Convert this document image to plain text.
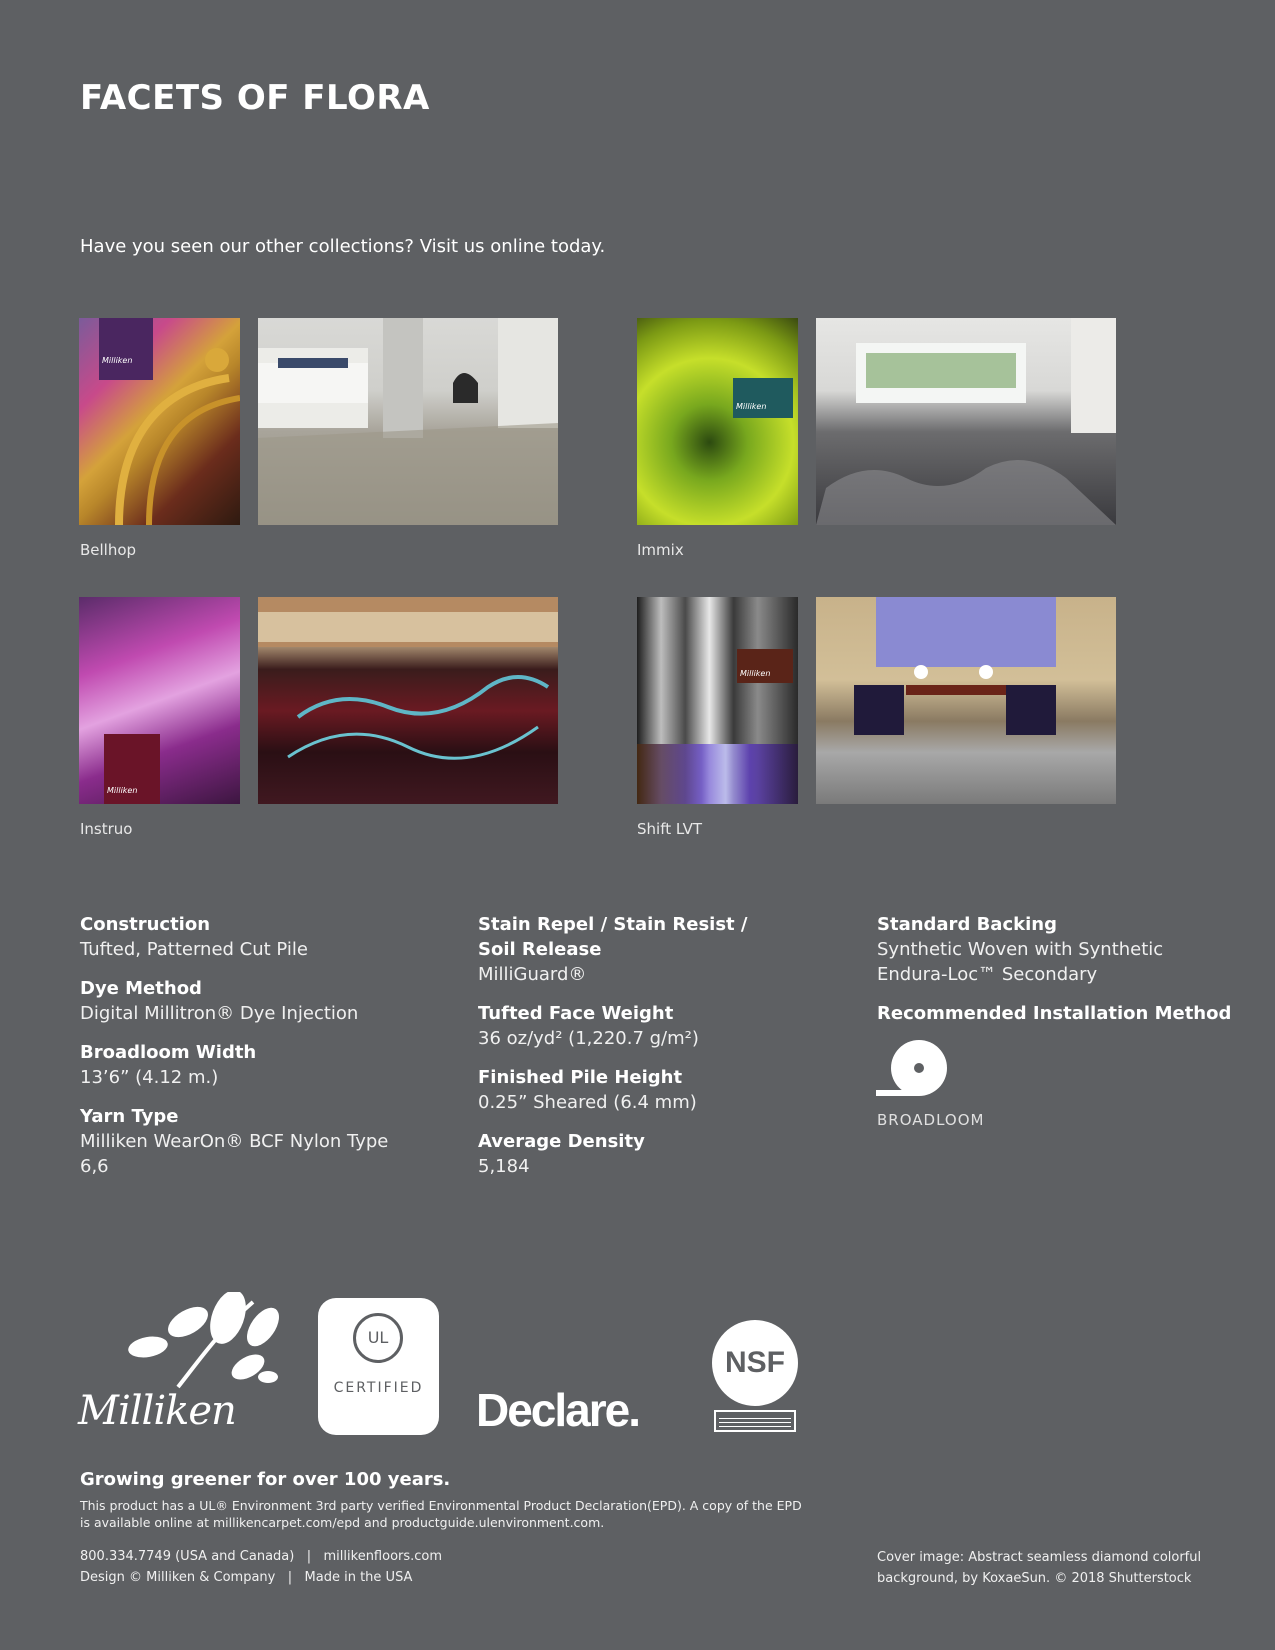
FACETS OF FLORA
Have you seen our other collections? Visit us online today.
Milliken
Bellhop
Milliken
Immix
Milliken
Instruo
Milliken
Shift LVT
Construction
Tufted, Patterned Cut Pile
Dye Method
Digital Millitron® Dye Injection
Broadloom Width
13’6” (4.12 m.)
Yarn Type
Milliken WearOn® BCF Nylon Type 6,6
Stain Repel / Stain Resist / Soil Release
MilliGuard®
Tufted Face Weight
36 oz/yd² (1,220.7 g/m²)
Finished Pile Height
0.25” Sheared (6.4 mm)
Average Density
5,184
Standard Backing
Synthetic Woven with Synthetic Endura-Loc™ Secondary
Recommended Installation Method
BROADLOOM
Milliken
UL
CERTIFIED	Declare.
NSF
Growing greener for over 100 years.
This product has a UL® Environment 3rd party verified Environmental Product Declaration(EPD). A copy of the EPD
is available online at millikencarpet.com/epd and productguide.ulenvironment.com.
800.334.7749 (USA and Canada)   |   millikenfloors.com
Design © Milliken & Company   |   Made in the USA
Cover image: Abstract seamless diamond colorful
background, by KoxaeSun. © 2018 Shutterstock
